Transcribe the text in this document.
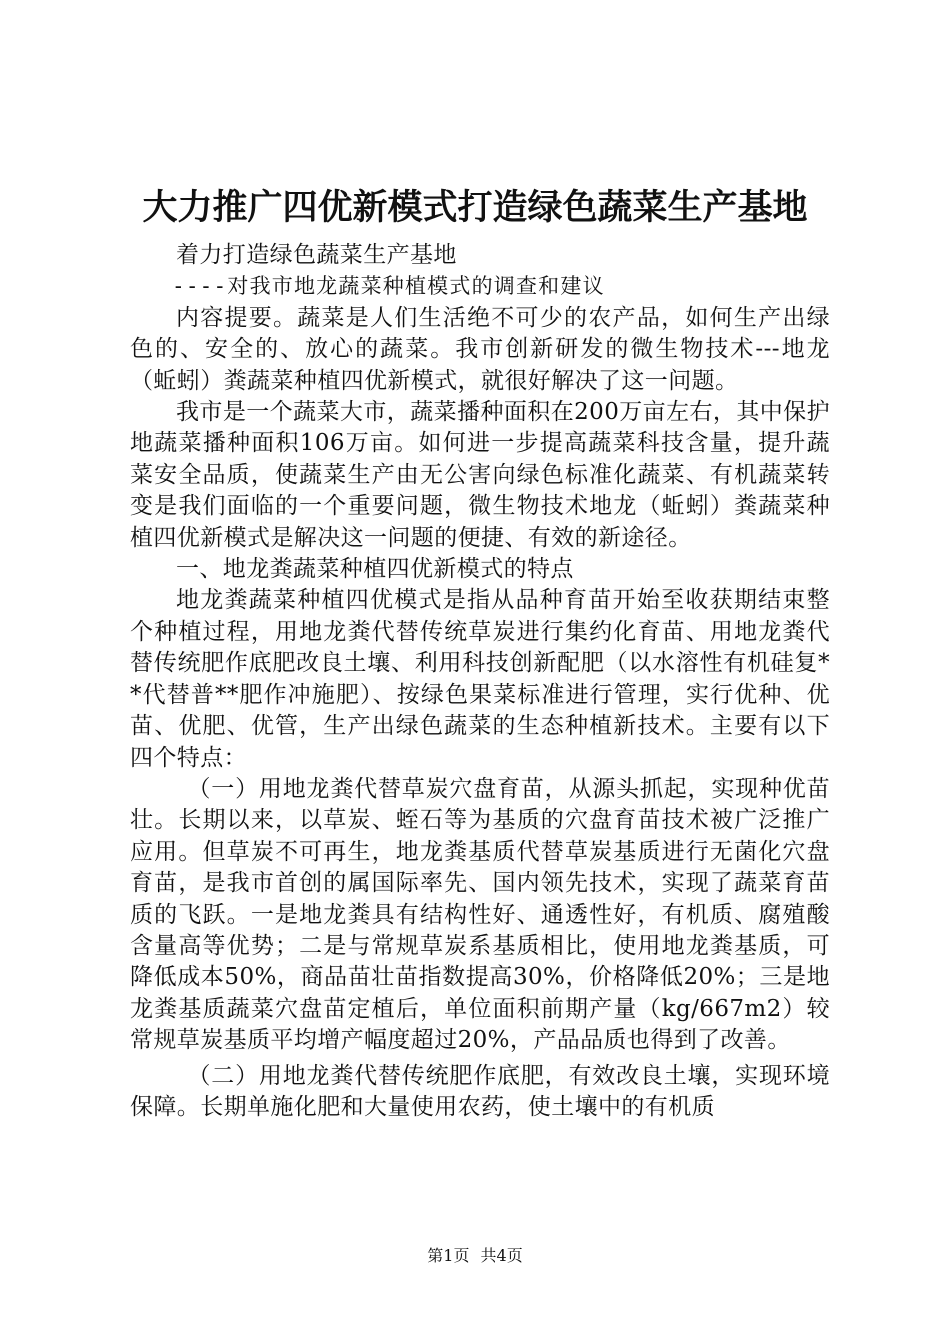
大力推广四优新模式打造绿色蔬菜生产基地

着力打造绿色蔬菜生产基地

----对我市地龙蔬菜种植模式的调查和建议

内容提要。蔬菜是人们生活绝不可少的农产品，如何生产出绿色的、安全的、放心的蔬菜。我市创新研发的微生物技术---地龙（蚯蚓）粪蔬菜种植四优新模式，就很好解决了这一问题。

我市是一个蔬菜大市，蔬菜播种面积在200万亩左右，其中保护地蔬菜播种面积106万亩。如何进一步提高蔬菜科技含量，提升蔬菜安全品质，使蔬菜生产由无公害向绿色标准化蔬菜、有机蔬菜转变是我们面临的一个重要问题，微生物技术地龙（蚯蚓）粪蔬菜种植四优新模式是解决这一问题的便捷、有效的新途径。

一、地龙粪蔬菜种植四优新模式的特点

地龙粪蔬菜种植四优模式是指从品种育苗开始至收获期结束整个种植过程，用地龙粪代替传统草炭进行集约化育苗、用地龙粪代替传统肥作底肥改良土壤、利用科技创新配肥（以水溶性有机硅复**代替普**肥作冲施肥）、按绿色果菜标准进行管理，实行优种、优苗、优肥、优管，生产出绿色蔬菜的生态种植新技术。主要有以下四个特点：

（一）用地龙粪代替草炭穴盘育苗，从源头抓起，实现种优苗壮。长期以来，以草炭、蛭石等为基质的穴盘育苗技术被广泛推广应用。但草炭不可再生，地龙粪基质代替草炭基质进行无菌化穴盘育苗，是我市首创的属国际率先、国内领先技术，实现了蔬菜育苗质的飞跃。一是地龙粪具有结构性好、通透性好，有机质、腐殖酸含量高等优势；二是与常规草炭系基质相比，使用地龙粪基质，可降低成本50%，商品苗壮苗指数提高30%，价格降低20%；三是地龙粪基质蔬菜穴盘苗定植后，单位面积前期产量（kg/667m2）较常规草炭基质平均增产幅度超过20%，产品品质也得到了改善。

（二）用地龙粪代替传统肥作底肥，有效改良土壤，实现环境保障。长期单施化肥和大量使用农药，使土壤中的有机质

第1页 共4页
